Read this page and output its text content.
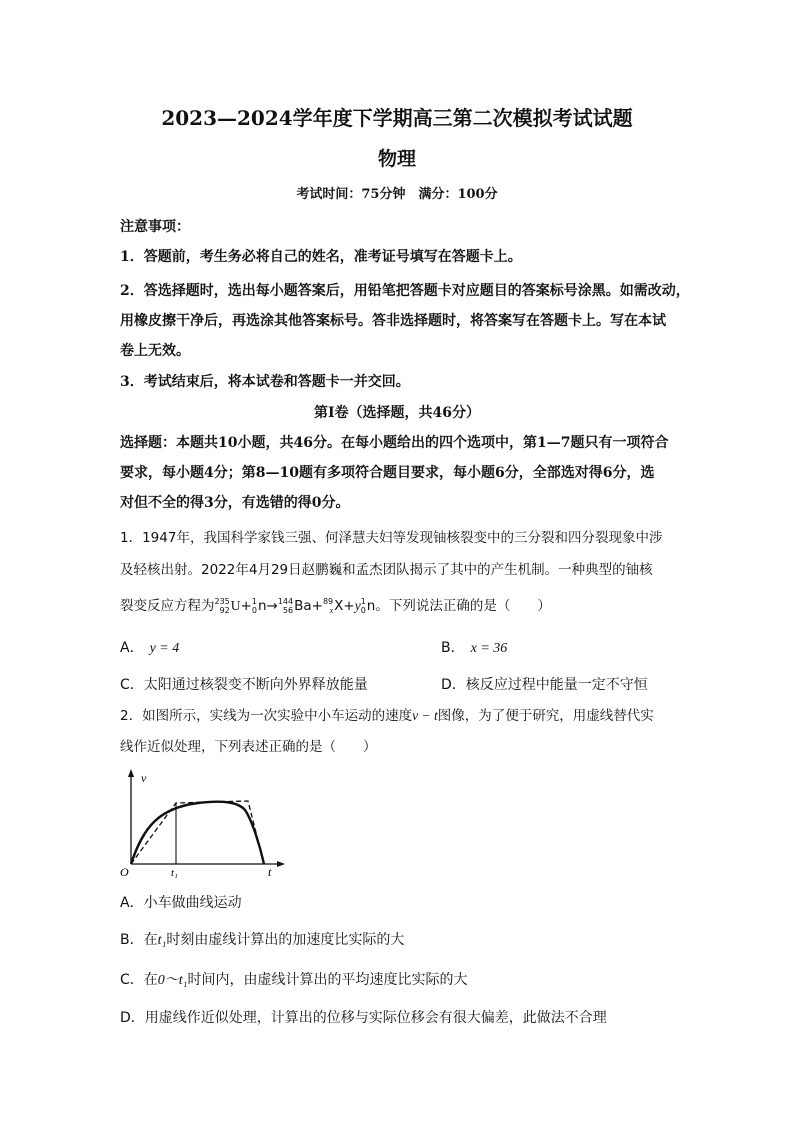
2023—2024学年度下学期高三第二次模拟考试试题
物理
考试时间：75分钟　满分：100分
注意事项：
1．答题前，考生务必将自己的姓名，准考证号填写在答题卡上。
2．答选择题时，选出每小题答案后，用铅笔把答题卡对应题目的答案标号涂黑。如需改动，
用橡皮擦干净后，再选涂其他答案标号。答非选择题时，将答案写在答题卡上。写在本试
卷上无效。
3．考试结束后，将本试卷和答题卡一并交回。
第Ⅰ卷（选择题，共46分）
选择题：本题共10小题，共46分。在每小题给出的四个选项中，第1—7题只有一项符合
要求，每小题4分；第8—10题有多项符合题目要求，每小题6分，全部选对得6分，选
对但不全的得3分，有选错的得0分。
1．1947年，我国科学家钱三强、何泽慧夫妇等发现铀核裂变中的三分裂和四分裂现象中涉
及轻核出射。2022年4月29日赵鹏巍和孟杰团队揭示了其中的产生机制。一种典型的铀核
裂变反应方程为 235
92 U+ 1
0 n→ 144
56 Ba+ 89
x X+y 1
0 n。下列说法正确的是（　　）
A． y = 4	B． x = 36
C．太阳通过核裂变不断向外界释放能量	D．核反应过程中能量一定不守恒
2．如图所示，实线为一次实验中小车运动的速度v − t图像，为了便于研究，用虚线替代实
线作近似处理，下列表述正确的是（　　）
v
O	t₁	t
A．小车做曲线运动
B．在t₁时刻由虚线计算出的加速度比实际的大
C．在0～t₁时间内，由虚线计算出的平均速度比实际的大
D．用虚线作近似处理，计算出的位移与实际位移会有很大偏差，此做法不合理
